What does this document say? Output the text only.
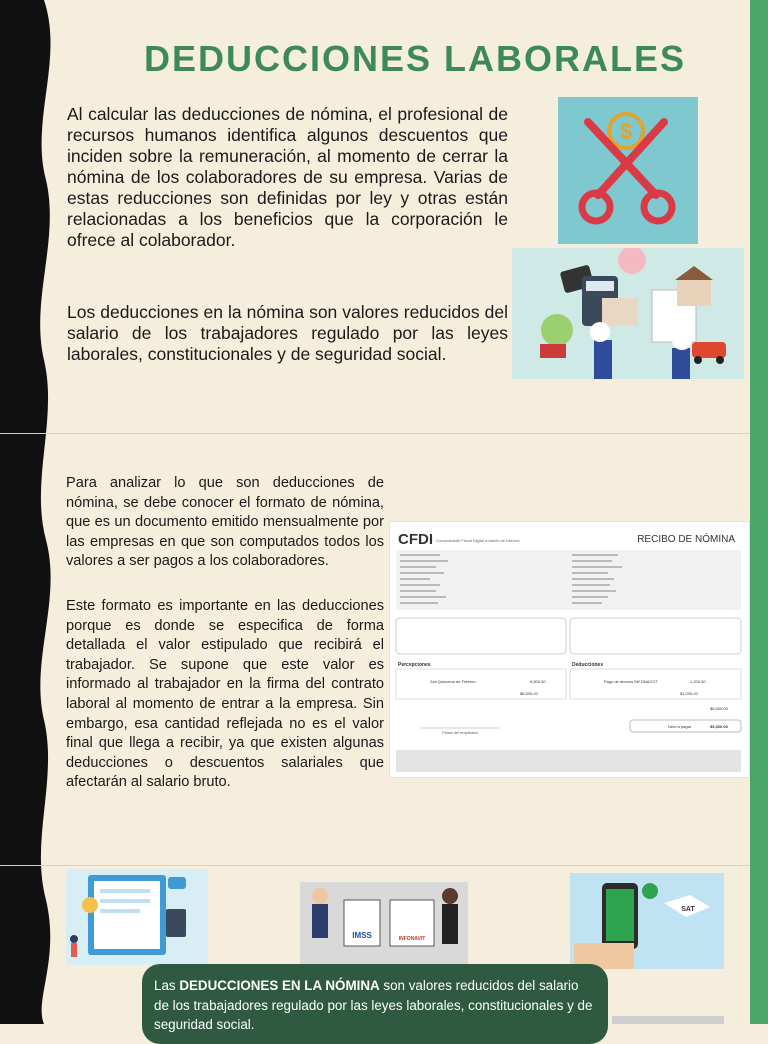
DEDUCCIONES LABORALES

Al calcular las deducciones de nómina, el profesional de recursos humanos identifica algunos descuentos que inciden sobre la remuneración, al momento de cerrar la nómina de los colaboradores de su empresa. Varias de estas reducciones son definidas por ley y otras están relacionadas a los beneficios que la corporación le ofrece al colaborador.

Los deducciones en la nómina son valores reducidos del salario de los trabajadores regulado por las leyes laborales, constitucionales y de seguridad social.

$

Para analizar lo que son deducciones de nómina, se debe conocer el formato de nómina, que es un documento emitido mensualmente por las empresas en que son computados todos los valores a ser pagos a los colaboradores.

Este formato es importante en las deducciones porque es donde se especifica de forma detallada el valor estipulado que recibirá el trabajador. Se supone que este valor es informado al trabajador en la firma del contrato laboral al momento de entrar a la empresa. Sin embargo, esa cantidad reflejada no es el valor final que llega a recibir, ya que existen algunas deducciones o descuentos salariales que afectarán al salario bruto.

CFDI Comprobante Fiscal Digital a través de Internet	RECIBO DE NÓMINA
Percepciones	Deducciones
2da Quincena de Febrero	6,500.00	Pago de abonos INFONACOT	1,200.00
$6,500.00	$1,200.00
$6,500.00
Neto a pagar	$5,300.00
Firma del empleado
IMSS	INFONAVIT
SAT
Las DEDUCCIONES EN LA NÓMINA son valores reducidos del salario de los trabajadores regulado por las leyes laborales, constitucionales y de seguridad social.
